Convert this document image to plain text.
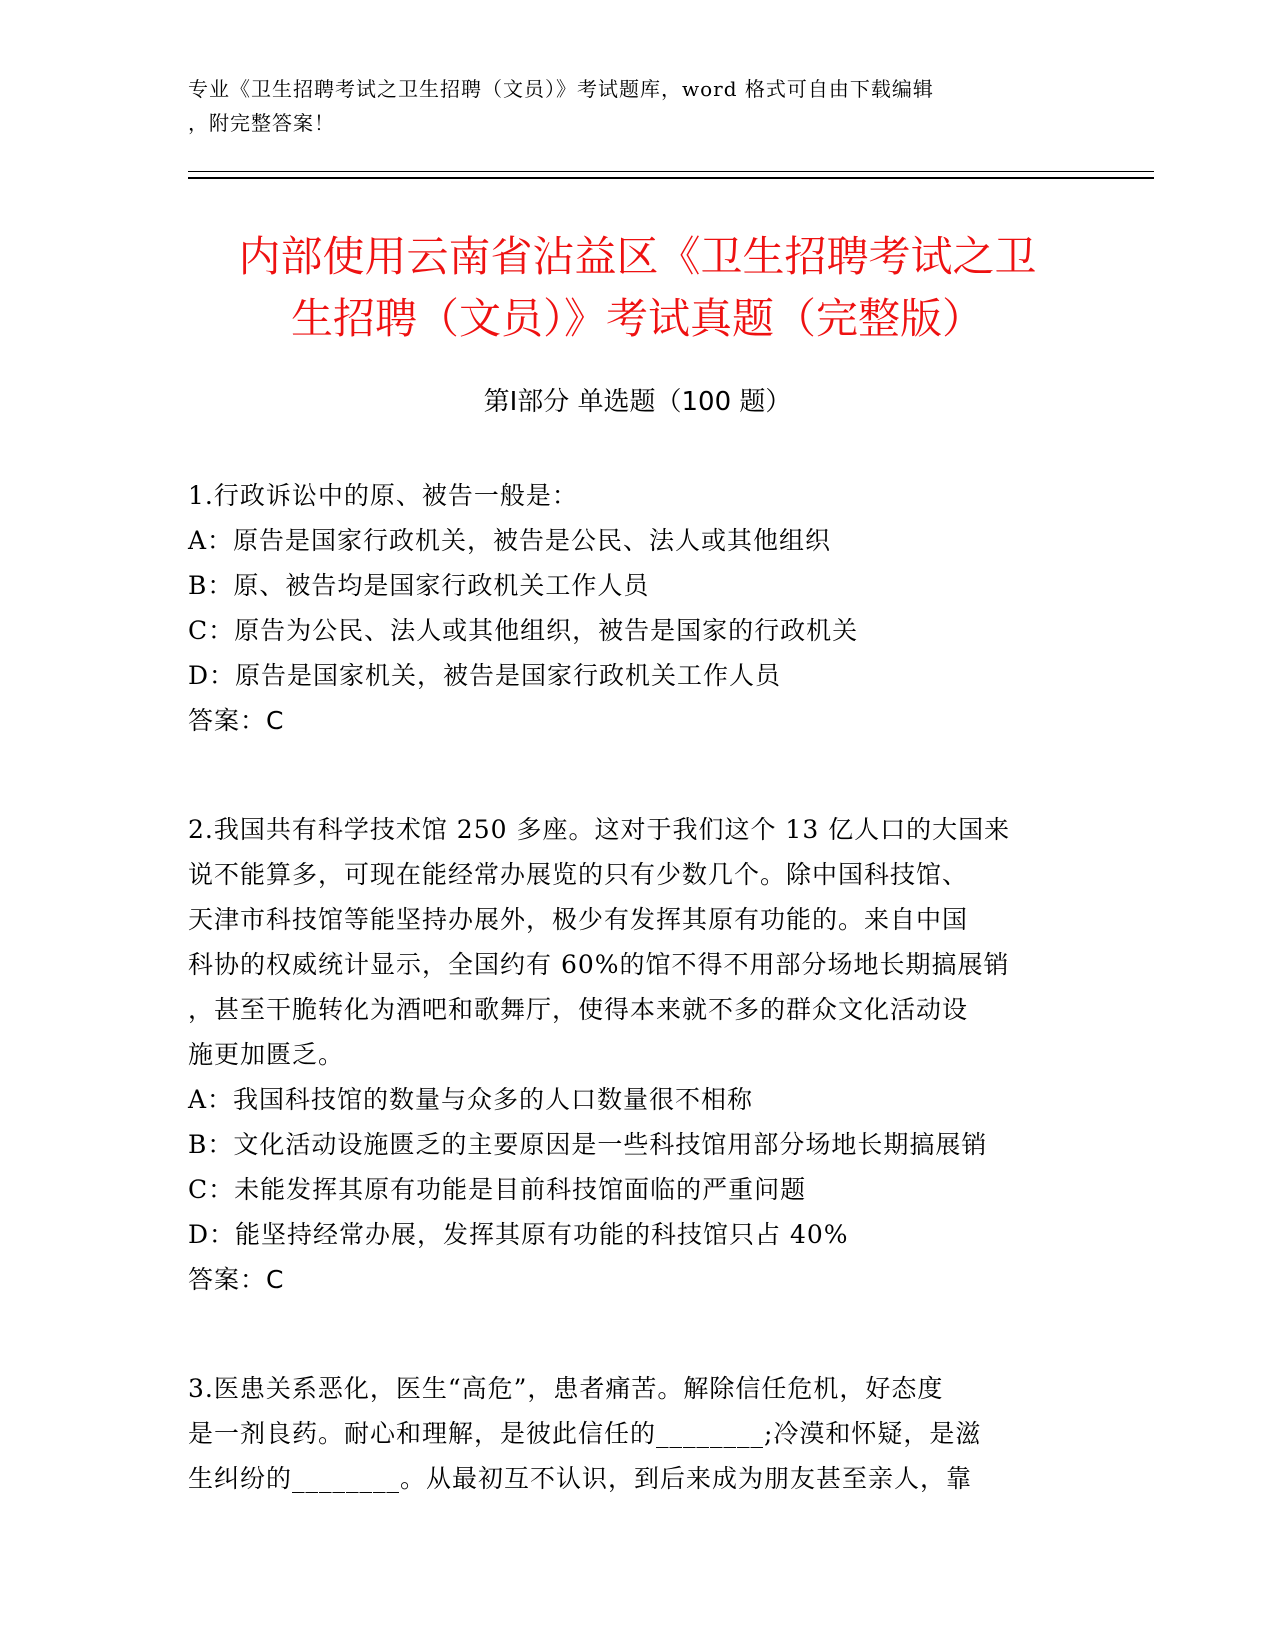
专业《卫生招聘考试之卫生招聘（文员）》考试题库，word 格式可自由下载编辑
，附完整答案！
内部使用云南省沾益区《卫生招聘考试之卫
生招聘（文员）》考试真题（完整版）
第Ⅰ部分 单选题（100 题）
1.行政诉讼中的原、被告一般是：
A：原告是国家行政机关，被告是公民、法人或其他组织
B：原、被告均是国家行政机关工作人员
C：原告为公民、法人或其他组织，被告是国家的行政机关
D：原告是国家机关，被告是国家行政机关工作人员
答案：C
2.我国共有科学技术馆 250 多座。这对于我们这个 13 亿人口的大国来
说不能算多，可现在能经常办展览的只有少数几个。除中国科技馆、
天津市科技馆等能坚持办展外，极少有发挥其原有功能的。来自中国
科协的权威统计显示，全国约有 60%的馆不得不用部分场地长期搞展销
，甚至干脆转化为酒吧和歌舞厅，使得本来就不多的群众文化活动设
施更加匮乏。
A：我国科技馆的数量与众多的人口数量很不相称
B：文化活动设施匮乏的主要原因是一些科技馆用部分场地长期搞展销
C：未能发挥其原有功能是目前科技馆面临的严重问题
D：能坚持经常办展，发挥其原有功能的科技馆只占 40%
答案：C
3.医患关系恶化，医生“高危”，患者痛苦。解除信任危机，好态度
是一剂良药。耐心和理解，是彼此信任的________;冷漠和怀疑，是滋
生纠纷的________。从最初互不认识，到后来成为朋友甚至亲人，靠
